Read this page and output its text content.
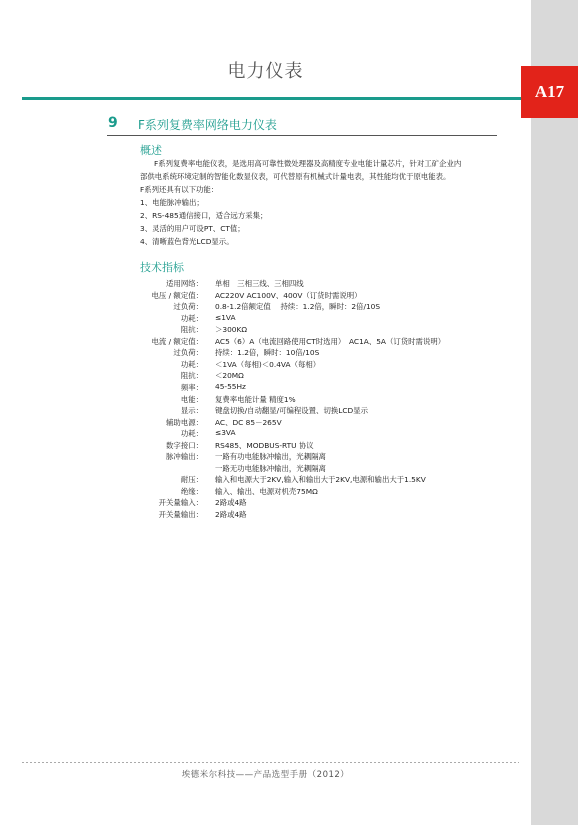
A17
电力仪表
9 F系列复费率网络电力仪表
概述

F系列复费率电能仪表，是选用高可靠性微处理器及高精度专业电能计量芯片，针对工矿企业内

部供电系统环境定制的智能化数显仪表，可代替原有机械式计量电表，其性能均优于原电能表。

F系列还具有以下功能：

1、电能脉冲输出；

2、RS-485通信接口，适合远方采集；

3、灵活的用户可设PT、CT值；

4、清晰蓝色背光LCD显示。

技术指标
适用网络： 单相　三相三线、三相四线
电压 / 额定值： AC220V AC100V、400V（订货时需说明）
过负荷： 0.8-1.2倍额定值　 持续：1.2倍，瞬时：2倍/10S
功耗： ≤1VA
阻抗： ＞300KΩ
电流 / 额定值： AC5（6）A（电流回路使用CT时选用）　AC1A、5A（订货时需说明）
过负荷： 持续：1.2倍，瞬时：10倍/10S
功耗： ＜1VA（每相)＜0.4VA（每相）
阻抗： ＜20MΩ
频率： 45-55Hz
电能： 复费率电能计量 精度1%
显示： 键盘切换/自动翻显/可编程设置、切换LCD显示
辅助电源： AC、DC 85－265V
功耗： ≤3VA
数字接口： RS485、MODBUS-RTU 协议
脉冲输出： 一路有功电能脉冲输出，光耦隔离
一路无功电能脉冲输出，光耦隔离
耐压： 输入和电源大于2KV,输入和输出大于2KV,电源和输出大于1.5KV
绝缘： 输入、输出、电源对机壳75MΩ
开关量输入： 2路或4路
开关量输出： 2路或4路
埃德米尔科技——产品选型手册（2012）
